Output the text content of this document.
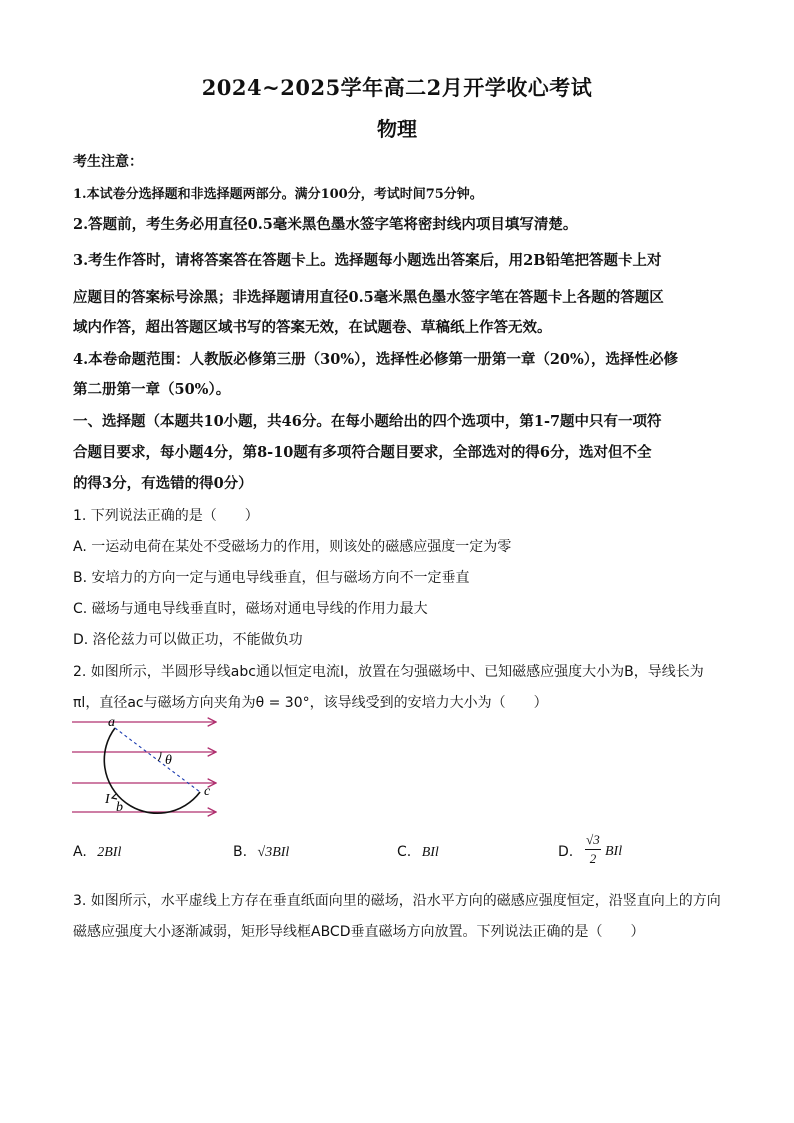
2024~2025学年高二2月开学收心考试
物理
考生注意：
1.本试卷分选择题和非选择题两部分。满分100分，考试时间75分钟。
2.答题前，考生务必用直径0.5毫米黑色墨水签字笔将密封线内项目填写清楚。
3.考生作答时，请将答案答在答题卡上。选择题每小题选出答案后，用2B铅笔把答题卡上对
应题目的答案标号涂黑；非选择题请用直径0.5毫米黑色墨水签字笔在答题卡上各题的答题区
域内作答，超出答题区域书写的答案无效，在试题卷、草稿纸上作答无效。
4.本卷命题范围：人教版必修第三册（30%），选择性必修第一册第一章（20%），选择性必修
第二册第一章（50%）。
一、选择题（本题共10小题，共46分。在每小题给出的四个选项中，第1-7题中只有一项符
合题目要求，每小题4分，第8-10题有多项符合题目要求，全部选对的得6分，选对但不全
的得3分，有选错的得0分）
1. 下列说法正确的是（　　）
A. 一运动电荷在某处不受磁场力的作用，则该处的磁感应强度一定为零
B. 安培力的方向一定与通电导线垂直，但与磁场方向不一定垂直
C. 磁场与通电导线垂直时，磁场对通电导线的作用力最大
D. 洛伦兹力可以做正功，不能做负功
2. 如图所示，半圆形导线abc通以恒定电流I，放置在匀强磁场中、已知磁感应强度大小为B，导线长为
πl，直径ac与磁场方向夹角为θ = 30°，该导线受到的安培力大小为（　　）
a
b
c
I
θ
A. 2BIl	B. √3BIl	C. BIl	D.
√3
2 BIl
3. 如图所示，水平虚线上方存在垂直纸面向里的磁场，沿水平方向的磁感应强度恒定，沿竖直向上的方向
磁感应强度大小逐渐减弱，矩形导线框ABCD垂直磁场方向放置。下列说法正确的是（　　）
